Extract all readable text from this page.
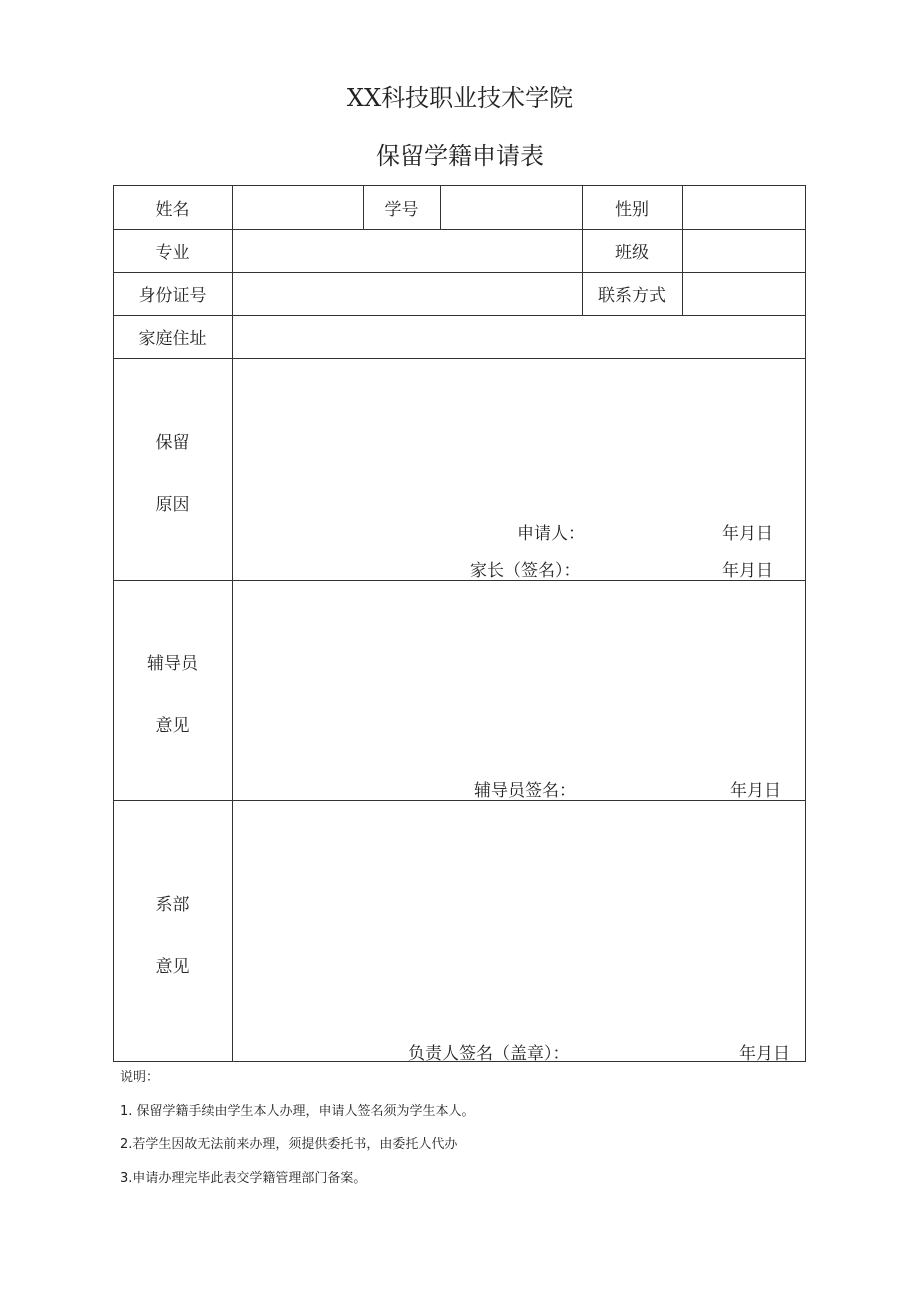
XX科技职业技术学院
保留学籍申请表
姓名	学号	性别
专业	班级
身份证号	联系方式
家庭住址
保留
原因
申请人：	年月日
家长（签名）：	年月日
辅导员
意见
辅导员签名：	年月日
系部
意见
负责人签名（盖章）：	年月日
说明：
1. 保留学籍手续由学生本人办理，申请人签名须为学生本人。
2.若学生因故无法前来办理，须提供委托书，由委托人代办
3.申请办理完毕此表交学籍管理部门备案。
